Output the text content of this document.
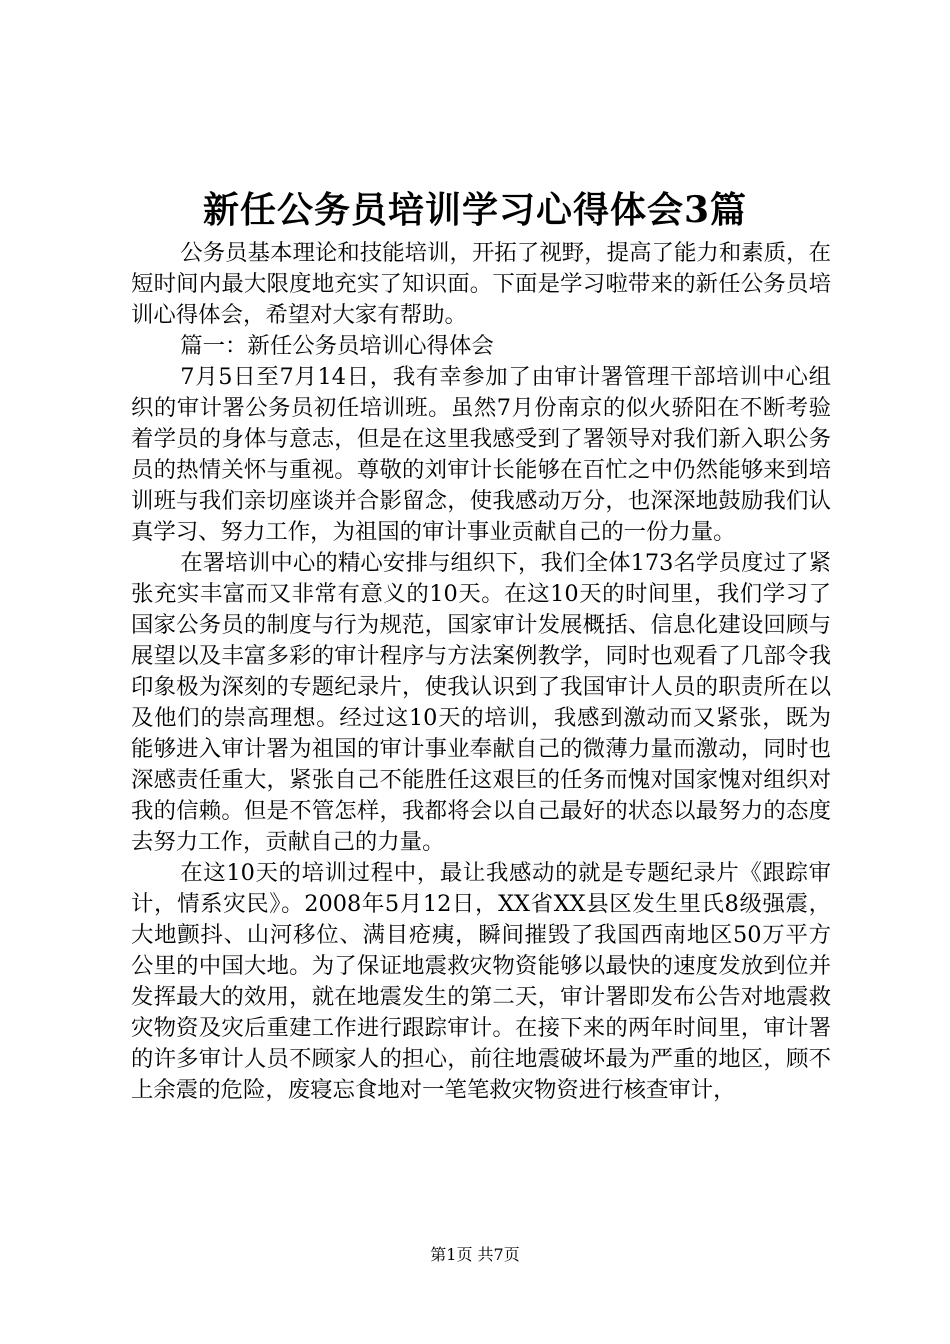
新任公务员培训学习心得体会3篇

公务员基本理论和技能培训，开拓了视野，提高了能力和素质，在短时间内最大限度地充实了知识面。下面是学习啦带来的新任公务员培训心得体会，希望对大家有帮助。

篇一：新任公务员培训心得体会

7月5日至7月14日，我有幸参加了由审计署管理干部培训中心组织的审计署公务员初任培训班。虽然7月份南京的似火骄阳在不断考验着学员的身体与意志，但是在这里我感受到了署领导对我们新入职公务员的热情关怀与重视。尊敬的刘审计长能够在百忙之中仍然能够来到培训班与我们亲切座谈并合影留念，使我感动万分，也深深地鼓励我们认真学习、努力工作，为祖国的审计事业贡献自己的一份力量。

在署培训中心的精心安排与组织下，我们全体173名学员度过了紧张充实丰富而又非常有意义的10天。在这10天的时间里，我们学习了国家公务员的制度与行为规范，国家审计发展概括、信息化建设回顾与展望以及丰富多彩的审计程序与方法案例教学，同时也观看了几部令我印象极为深刻的专题纪录片，使我认识到了我国审计人员的职责所在以及他们的崇高理想。经过这10天的培训，我感到激动而又紧张，既为能够进入审计署为祖国的审计事业奉献自己的微薄力量而激动，同时也深感责任重大，紧张自己不能胜任这艰巨的任务而愧对国家愧对组织对我的信赖。但是不管怎样，我都将会以自己最好的状态以最努力的态度去努力工作，贡献自己的力量。

在这10天的培训过程中，最让我感动的就是专题纪录片《跟踪审计，情系灾民》。2008年5月12日，XX省XX县区发生里氏8级强震，大地颤抖、山河移位、满目疮痍，瞬间摧毁了我国西南地区50万平方公里的中国大地。为了保证地震救灾物资能够以最快的速度发放到位并发挥最大的效用，就在地震发生的第二天，审计署即发布公告对地震救灾物资及灾后重建工作进行跟踪审计。在接下来的两年时间里，审计署的许多审计人员不顾家人的担心，前往地震破坏最为严重的地区，顾不上余震的危险，废寝忘食地对一笔笔救灾物资进行核查审计，

第1页 共7页
